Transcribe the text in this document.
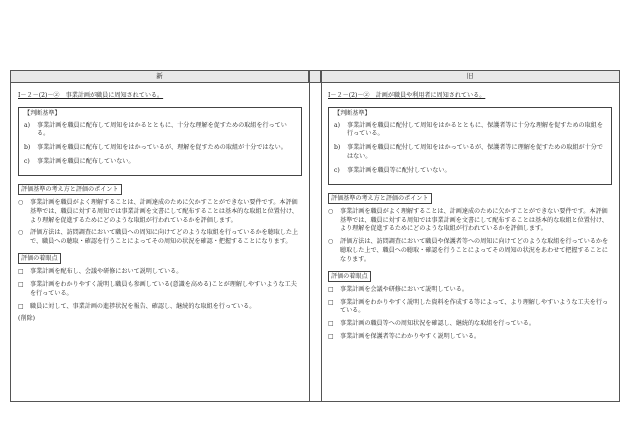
新	旧
Ⅰ－２－(2)－②　事業計画が職員に周知されている。
【判断基準】
a) 事業計画を職員に配布して周知をはかるとともに、十分な理解を促すための取組を行っている。
b) 事業計画を職員に配布して周知をはかっているが、理解を促すための取組が十分ではない。
c) 事業計画を職員に配布していない。
評価基準の考え方と評価のポイント
○ 事業計画を職員がよく理解することは、計画達成のために欠かすことができない要件です。本評価基準では、職員に対する周知では事業計画を文書にして配布することは基本的な取組と位置付け、より理解を促進するためにどのような取組が行われているかを評価します。
○ 評価方法は、訪問調査において職員への周知に向けてどのような取組を行っているかを聴取した上で、職員への聴取・確認を行うことによってその周知の状況を確認・把握することになります。
評価の着眼点
□ 事業計画を配布し、会議や研修において説明している。
□ 事業計画をわかりやすく説明し職員も参画している(意識を高める)ことが理解しやすいような工夫を行っている。
□ 職員に対して、事業計画の進捗状況を報告、確認し、継続的な取組を行っている。
(削除)
Ⅰ－２－(2)－②　計画が職員や利用者に周知されている。
【判断基準】
a) 事業計画を職員に配付して周知をはかるとともに、保護者等に十分な理解を促すための取組を行っている。
b) 事業計画を職員に配付して周知をはかっているが、保護者等に理解を促すための取組が十分ではない。
c) 事業計画を職員等に配付していない。
評価基準の考え方と評価のポイント
○ 事業計画を職員がよく理解することは、計画達成のために欠かすことができない要件です。本評価基準では、職員に対する周知では事業計画を文書にして配布することは基本的な取組と位置付け、より理解を促進するためにどのような取組が行われているかを評価します。
○ 評価方法は、訪問調査において職員や保護者等への周知に向けてどのような取組を行っているかを聴取した上で、職員への聴取・確認を行うことによってその周知の状況をあわせて把握することになります。
評価の着眼点
□ 事業計画を会議や研修において説明している。
□ 事業計画をわかりやすく説明した資料を作成する等によって、より理解しやすいような工夫を行っている。
□ 事業計画の職員等への周知状況を確認し、継続的な取組を行っている。
□ 事業計画を保護者等にわかりやすく説明している。
